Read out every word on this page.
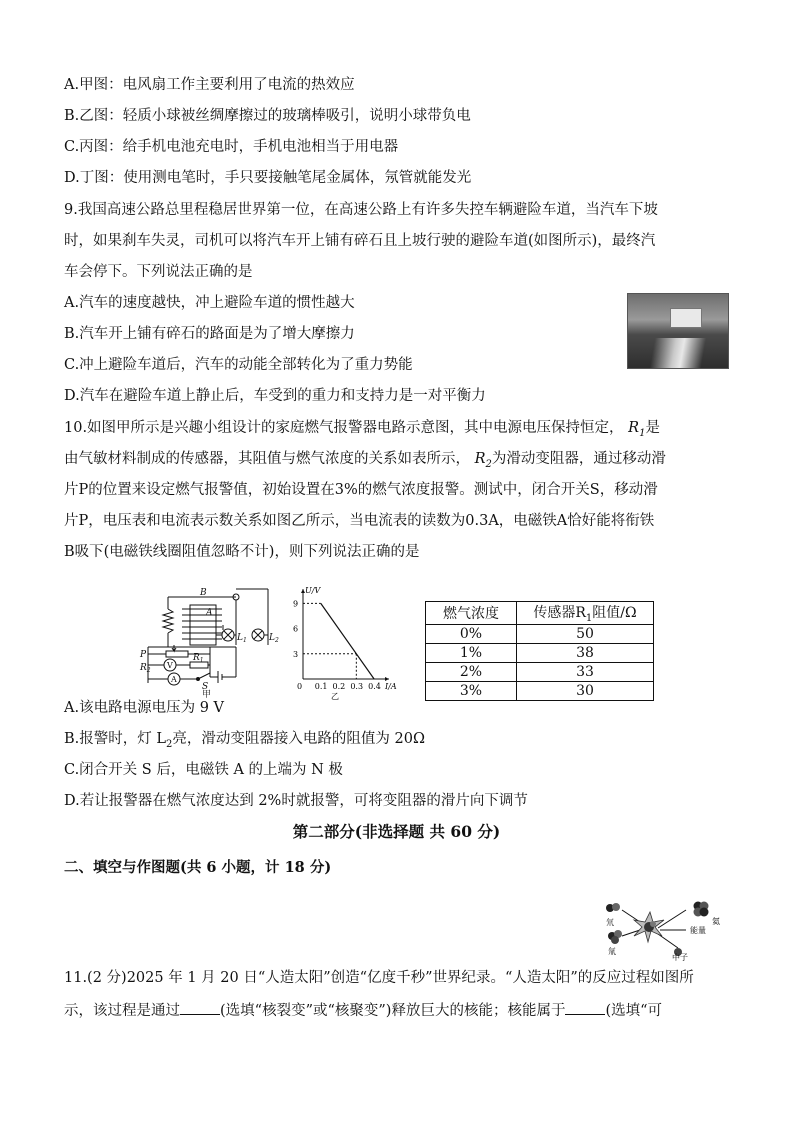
A.甲图：电风扇工作主要利用了电流的热效应
B.乙图：轻质小球被丝绸摩擦过的玻璃棒吸引，说明小球带负电
C.丙图：给手机电池充电时，手机电池相当于用电器
D.丁图：使用测电笔时，手只要接触笔尾金属体，氖管就能发光
9.我国高速公路总里程稳居世界第一位，在高速公路上有许多失控车辆避险车道，当汽车下坡
时，如果刹车失灵，司机可以将汽车开上铺有碎石且上坡行驶的避险车道(如图所示)，最终汽
车会停下。下列说法正确的是
A.汽车的速度越快，冲上避险车道的惯性越大
B.汽车开上铺有碎石的路面是为了增大摩擦力
C.冲上避险车道后，汽车的动能全部转化为了重力势能
D.汽车在避险车道上静止后，车受到的重力和支持力是一对平衡力
10.如图甲所示是兴趣小组设计的家庭燃气报警器电路示意图，其中电源电压保持恒定， $R_1$是
由气敏材料制成的传感器，其阻值与燃气浓度的关系如表所示， $R_2$为滑动变阻器，通过移动滑
片P的位置来设定燃气报警值，初始设置在3%的燃气浓度报警。测试中，闭合开关S，移动滑
片P，电压表和电流表示数关系如图乙所示，当电流表的读数为0.3A，电磁铁A恰好能将衔铁
B吸下(电磁铁线圈阻值忽略不计)，则下列说法正确的是
B
A
$L_1$ $L_2$
P
$R_2$
$R_1$
V
A
S
甲
I/A
U/V
0 0.1 0.2 0.3 0.4
9
6
3
乙
燃气浓度	传感器$R_1$阻值/Ω
0%	50
1%	38
2%	33
3%	30
A.该电路电源电压为 9 V
B.报警时，灯 $L_2$亮，滑动变阻器接入电路的阻值为 20Ω
C.闭合开关 S 后，电磁铁 A 的上端为 N 极
D.若让报警器在燃气浓度达到 2%时就报警，可将变阻器的滑片向下调节
第二部分(非选择题 共 60 分)
二、填空与作图题(共 6 小题，计 18 分)
氘
氚
氦
能量
中子
11.(2 分)2025 年 1 月 20 日“人造太阳”创造“亿度千秒”世界纪录。“人造太阳”的反应过程如图所
示，该过程是通过	(选填“核裂变”或“核聚变”)释放巨大的核能；核能属于	(选填“可
